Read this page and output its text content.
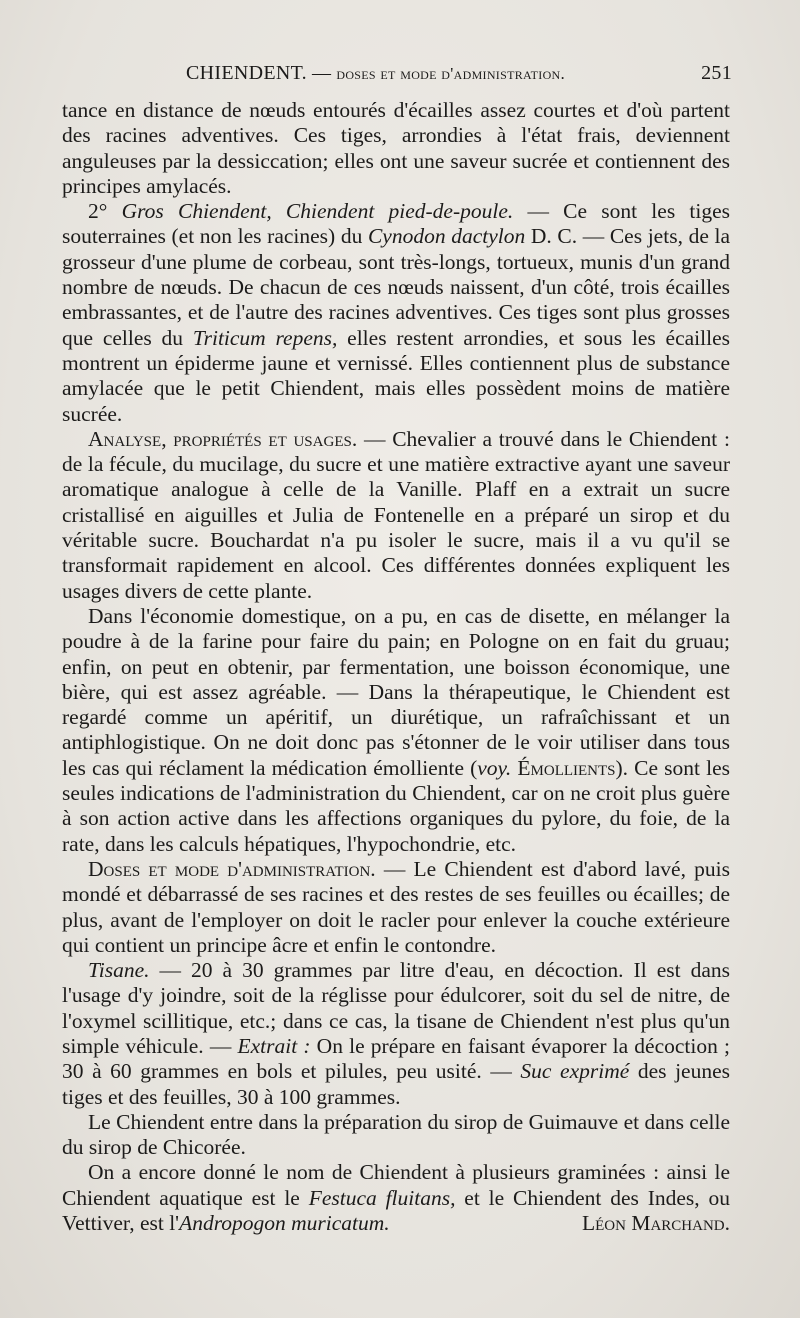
CHIENDENT. — doses et mode d'administration.	251

tance en distance de nœuds entourés d'écailles assez courtes et d'où partent des racines adventives. Ces tiges, arrondies à l'état frais, deviennent anguleuses par la dessiccation; elles ont une saveur sucrée et contiennent des principes amylacés.

2° Gros Chiendent, Chiendent pied-de-poule. — Ce sont les tiges souterraines (et non les racines) du Cynodon dactylon D. C. — Ces jets, de la grosseur d'une plume de corbeau, sont très-longs, tortueux, munis d'un grand nombre de nœuds. De chacun de ces nœuds naissent, d'un côté, trois écailles embrassantes, et de l'autre des racines adventives. Ces tiges sont plus grosses que celles du Triticum repens, elles restent arrondies, et sous les écailles montrent un épiderme jaune et vernissé. Elles contiennent plus de substance amylacée que le petit Chiendent, mais elles possèdent moins de matière sucrée.

Analyse, propriétés et usages. — Chevalier a trouvé dans le Chiendent : de la fécule, du mucilage, du sucre et une matière extractive ayant une saveur aromatique analogue à celle de la Vanille. Plaff en a extrait un sucre cristallisé en aiguilles et Julia de Fontenelle en a préparé un sirop et du véritable sucre. Bouchardat n'a pu isoler le sucre, mais il a vu qu'il se transformait rapidement en alcool. Ces différentes données expliquent les usages divers de cette plante.

Dans l'économie domestique, on a pu, en cas de disette, en mélanger la poudre à de la farine pour faire du pain; en Pologne on en fait du gruau; enfin, on peut en obtenir, par fermentation, une boisson économique, une bière, qui est assez agréable. — Dans la thérapeutique, le Chiendent est regardé comme un apéritif, un diurétique, un rafraîchissant et un antiphlogistique. On ne doit donc pas s'étonner de le voir utiliser dans tous les cas qui réclament la médication émolliente (voy. Émollients). Ce sont les seules indications de l'administration du Chiendent, car on ne croit plus guère à son action active dans les affections organiques du pylore, du foie, de la rate, dans les calculs hépatiques, l'hypochondrie, etc.

Doses et mode d'administration. — Le Chiendent est d'abord lavé, puis mondé et débarrassé de ses racines et des restes de ses feuilles ou écailles; de plus, avant de l'employer on doit le racler pour enlever la couche extérieure qui contient un principe âcre et enfin le contondre.

Tisane. — 20 à 30 grammes par litre d'eau, en décoction. Il est dans l'usage d'y joindre, soit de la réglisse pour édulcorer, soit du sel de nitre, de l'oxymel scillitique, etc.; dans ce cas, la tisane de Chiendent n'est plus qu'un simple véhicule. — Extrait : On le prépare en faisant évaporer la décoction ; 30 à 60 grammes en bols et pilules, peu usité. — Suc exprimé des jeunes tiges et des feuilles, 30 à 100 grammes.

Le Chiendent entre dans la préparation du sirop de Guimauve et dans celle du sirop de Chicorée.

On a encore donné le nom de Chiendent à plusieurs graminées : ainsi le Chiendent aquatique est le Festuca fluitans, et le Chiendent des Indes, ou Vettiver, est l'Andropogon muricatum.	Léon Marchand.
